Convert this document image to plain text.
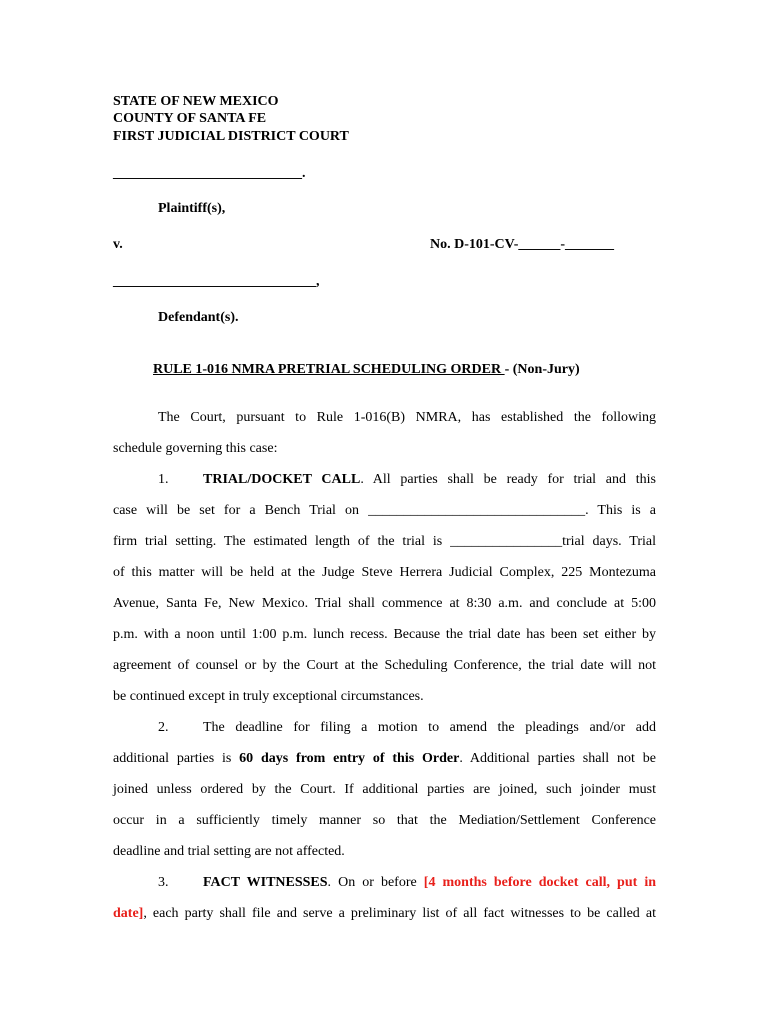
STATE OF NEW MEXICO
COUNTY OF SANTA FE
FIRST JUDICIAL DISTRICT COURT
___________________________.
Plaintiff(s),
v.	No. D-101-CV-______-_______
_____________________________,
Defendant(s).
RULE 1-016 NMRA PRETRIAL SCHEDULING ORDER - (Non-Jury)
The Court, pursuant to Rule 1-016(B) NMRA, has established the following
schedule governing this case:
1. TRIAL/DOCKET CALL. All parties shall be ready for trial and this
case will be set for a Bench Trial on _______________________________. This is a
firm trial setting. The estimated length of the trial is ________________trial days. Trial
of this matter will be held at the Judge Steve Herrera Judicial Complex, 225 Montezuma
Avenue, Santa Fe, New Mexico. Trial shall commence at 8:30 a.m. and conclude at 5:00
p.m. with a noon until 1:00 p.m. lunch recess. Because the trial date has been set either by
agreement of counsel or by the Court at the Scheduling Conference, the trial date will not
be continued except in truly exceptional circumstances.
2. The deadline for filing a motion to amend the pleadings and/or add
additional parties is 60 days from entry of this Order. Additional parties shall not be
joined unless ordered by the Court. If additional parties are joined, such joinder must
occur in a sufficiently timely manner so that the Mediation/Settlement Conference
deadline and trial setting are not affected.
3. FACT WITNESSES. On or before [4 months before docket call, put in
date], each party shall file and serve a preliminary list of all fact witnesses to be called at
